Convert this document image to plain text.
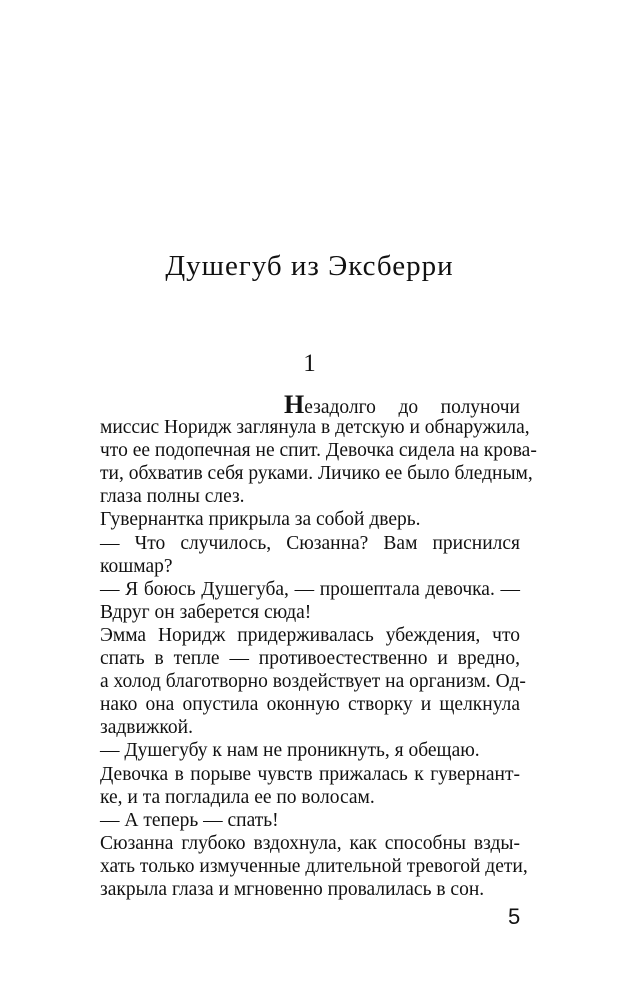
Душегуб из Эксберри
1
Незадолго до полуночи
миссис Норидж заглянула в детскую и обнаружила,
что ее подопечная не спит. Девочка сидела на крова-
ти, обхватив себя руками. Личико ее было бледным,
глаза полны слез.
Гувернантка прикрыла за собой дверь.
— Что случилось, Сюзанна? Вам приснился
кошмар?
— Я боюсь Душегуба, — прошептала девочка. —
Вдруг он заберется сюда!
Эмма Норидж придерживалась убеждения, что
спать в тепле — противоестественно и вредно,
а холод благотворно воздействует на организм. Од-
нако она опустила оконную створку и щелкнула
задвижкой.
— Душегубу к нам не проникнуть, я обещаю.
Девочка в порыве чувств прижалась к гувернант-
ке, и та погладила ее по волосам.
— А теперь — спать!
Сюзанна глубоко вздохнула, как способны взды-
хать только измученные длительной тревогой дети,
закрыла глаза и мгновенно провалилась в сон.
5
